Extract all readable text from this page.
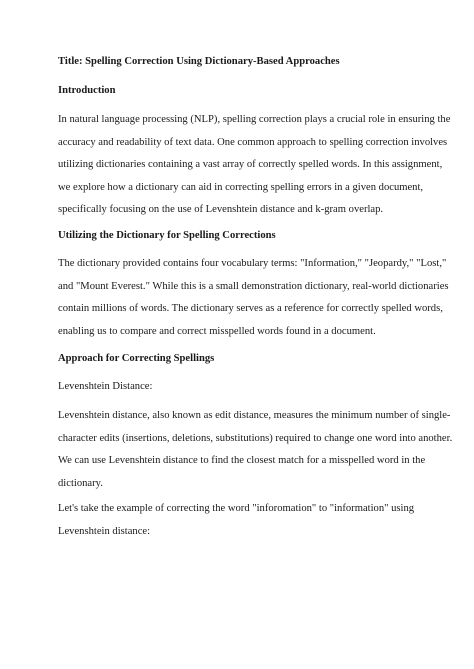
Title: Spelling Correction Using Dictionary-Based Approaches

Introduction

In natural language processing (NLP), spelling correction plays a crucial role in ensuring the
accuracy and readability of text data. One common approach to spelling correction involves
utilizing dictionaries containing a vast array of correctly spelled words. In this assignment,
we explore how a dictionary can aid in correcting spelling errors in a given document,
specifically focusing on the use of Levenshtein distance and k-gram overlap.

Utilizing the Dictionary for Spelling Corrections

The dictionary provided contains four vocabulary terms: "Information," "Jeopardy," "Lost,"
and "Mount Everest." While this is a small demonstration dictionary, real-world dictionaries
contain millions of words. The dictionary serves as a reference for correctly spelled words,
enabling us to compare and correct misspelled words found in a document.

Approach for Correcting Spellings

Levenshtein Distance:
Levenshtein distance, also known as edit distance, measures the minimum number of single-
character edits (insertions, deletions, substitutions) required to change one word into another.
We can use Levenshtein distance to find the closest match for a misspelled word in the
dictionary.
Let's take the example of correcting the word "inforomation" to "information" using
Levenshtein distance:
